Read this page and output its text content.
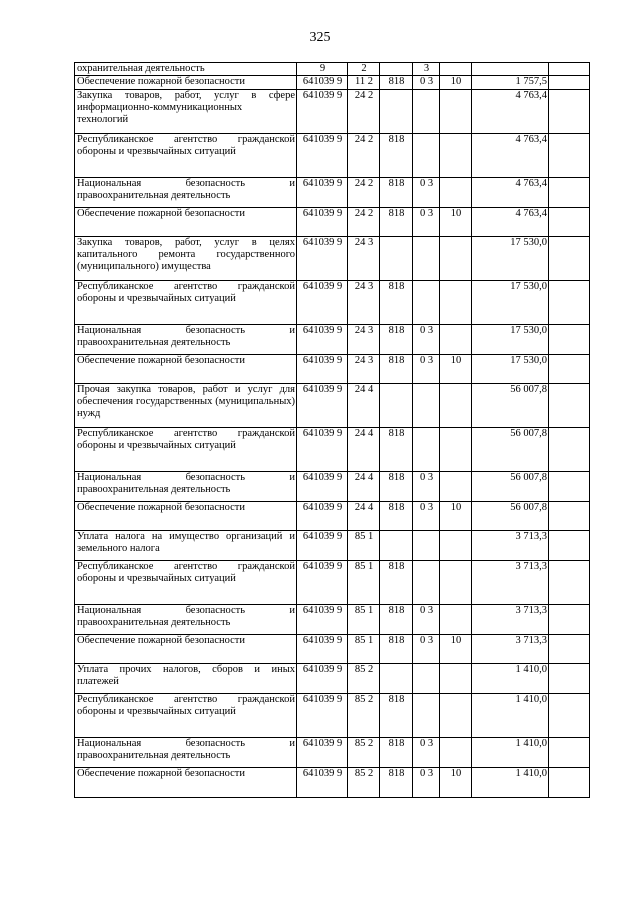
325
охранительная деятельность	9	2		3			
Обеспечение пожарной безопасности	641039 9	11 2	818	0 3	10	1 757,5	
Закупка товаров, работ, услуг в сфере информационно-коммуникационных технологий	641039 9	24 2				4 763,4	
Республиканское агентство гражданской обороны и чрезвычайных ситуаций	641039 9	24 2	818			4 763,4	
Национальная безопасность и правоохранительная деятельность	641039 9	24 2	818	0 3		4 763,4	
Обеспечение пожарной безопасности	641039 9	24 2	818	0 3	10	4 763,4	
Закупка товаров, работ, услуг в целях капитального ремонта государственного (муниципального) имущества	641039 9	24 3				17 530,0	
Республиканское агентство гражданской обороны и чрезвычайных ситуаций	641039 9	24 3	818			17 530,0	
Национальная безопасность и правоохранительная деятельность	641039 9	24 3	818	0 3		17 530,0	
Обеспечение пожарной безопасности	641039 9	24 3	818	0 3	10	17 530,0	
Прочая закупка товаров, работ и услуг для обеспечения государственных (муниципальных) нужд	641039 9	24 4				56 007,8	
Республиканское агентство гражданской обороны и чрезвычайных ситуаций	641039 9	24 4	818			56 007,8	
Национальная безопасность и правоохранительная деятельность	641039 9	24 4	818	0 3		56 007,8	
Обеспечение пожарной безопасности	641039 9	24 4	818	0 3	10	56 007,8	
Уплата налога на имущество организаций и земельного налога	641039 9	85 1				3 713,3	
Республиканское агентство гражданской обороны и чрезвычайных ситуаций	641039 9	85 1	818			3 713,3	
Национальная безопасность и правоохранительная деятельность	641039 9	85 1	818	0 3		3 713,3	
Обеспечение пожарной безопасности	641039 9	85 1	818	0 3	10	3 713,3	
Уплата прочих налогов, сборов и иных платежей	641039 9	85 2				1 410,0	
Республиканское агентство гражданской обороны и чрезвычайных ситуаций	641039 9	85 2	818			1 410,0	
Национальная безопасность и правоохранительная деятельность	641039 9	85 2	818	0 3		1 410,0	
Обеспечение пожарной безопасности	641039 9	85 2	818	0 3	10	1 410,0	
